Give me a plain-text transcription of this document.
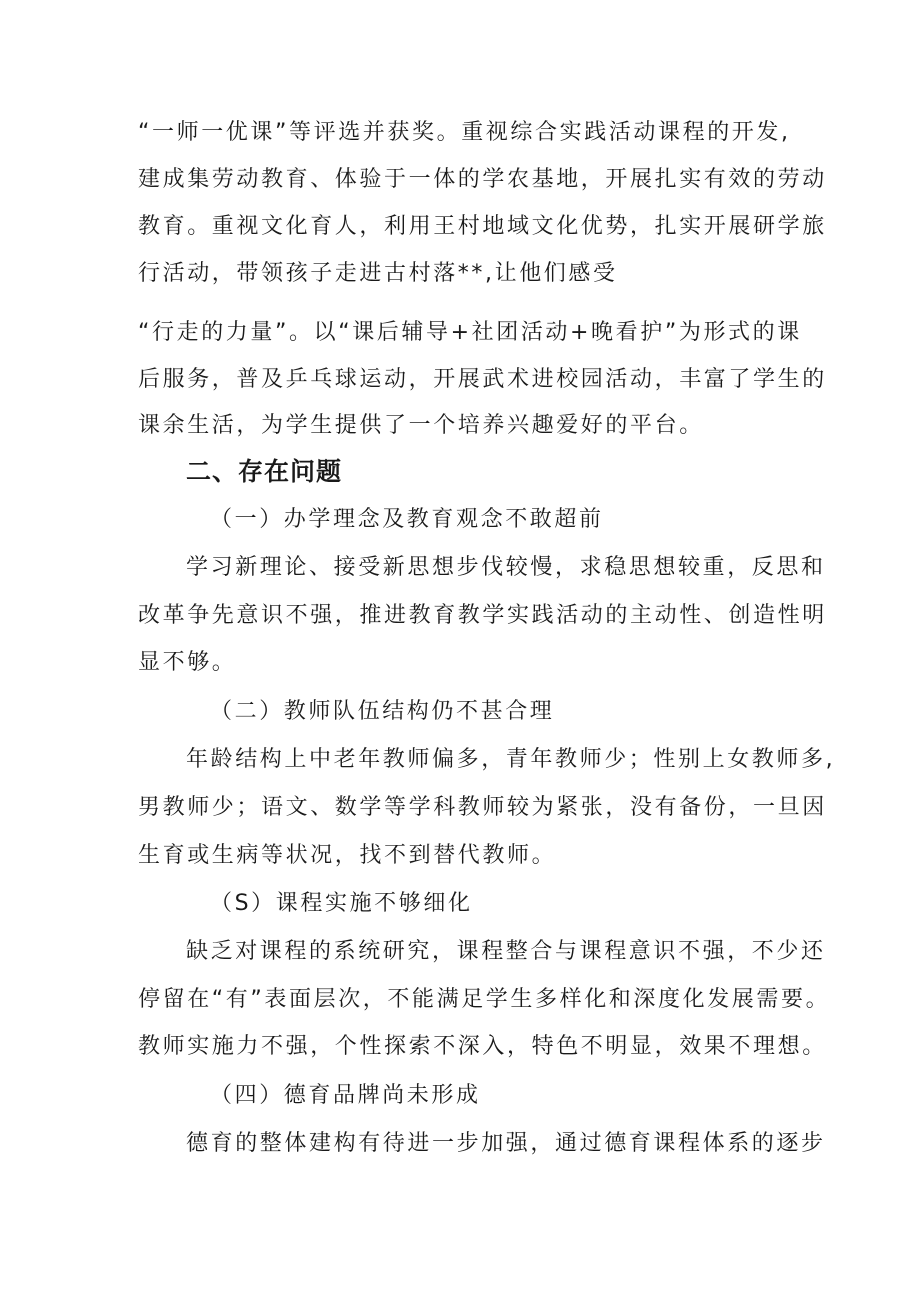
“一师一优课”等评选并获奖。重视综合实践活动课程的开发,
建成集劳动教育、体验于一体的学农基地，开展扎实有效的劳动
教育。重视文化育人，利用王村地域文化优势，扎实开展研学旅
行活动，带领孩子走进古村落**,让他们感受
“行走的力量”。以“课后辅导+社团活动+晚看护”为形式的课
后服务，普及乒乓球运动，开展武术进校园活动，丰富了学生的
课余生活，为学生提供了一个培养兴趣爱好的平台。
二、存在问题
（一）办学理念及教育观念不敢超前
学习新理论、接受新思想步伐较慢，求稳思想较重，反思和
改革争先意识不强，推进教育教学实践活动的主动性、创造性明
显不够。
（二）教师队伍结构仍不甚合理
年龄结构上中老年教师偏多，青年教师少；性别上女教师多,
男教师少；语文、数学等学科教师较为紧张，没有备份，一旦因
生育或生病等状况，找不到替代教师。
（S）课程实施不够细化
缺乏对课程的系统研究，课程整合与课程意识不强，不少还
停留在“有”表面层次，不能满足学生多样化和深度化发展需要。
教师实施力不强，个性探索不深入，特色不明显，效果不理想。
（四）德育品牌尚未形成
德育的整体建构有待进一步加强，通过德育课程体系的逐步
